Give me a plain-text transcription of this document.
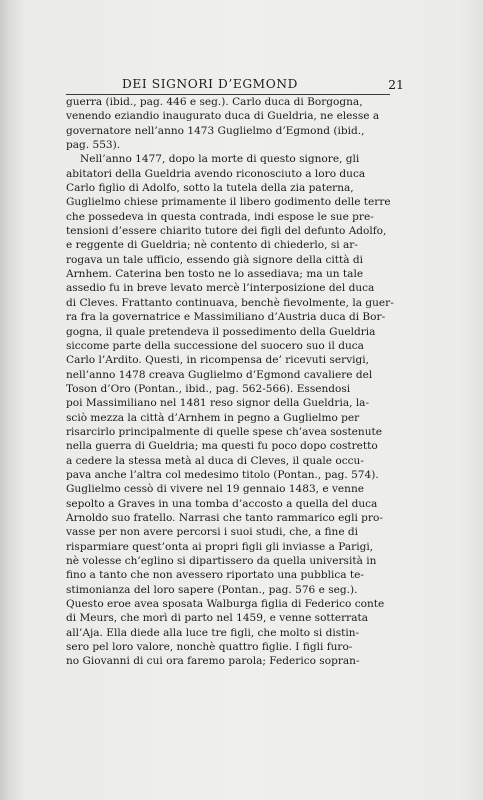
DEI SIGNORI D’EGMOND	21
guerra (ibid., pag. 446 e seg.). Carlo duca di Borgogna,
venendo eziandio inaugurato duca di Gueldria, ne elesse a
governatore nell’anno 1473 Guglielmo d’Egmond (ibid.,
pag. 553).
Nell’anno 1477, dopo la morte di questo signore, gli
abitatori della Gueldria avendo riconosciuto a loro duca
Carlo figlio di Adolfo, sotto la tutela della zia paterna,
Guglielmo chiese primamente il libero godimento delle terre
che possedeva in questa contrada, indi espose le sue pre-
tensioni d’essere chiarito tutore dei figli del defunto Adolfo,
e reggente di Gueldria; nè contento di chiederlo, si ar-
rogava un tale ufficio, essendo già signore della città di
Arnhem. Caterina ben tosto ne lo assediava; ma un tale
assedio fu in breve levato mercè l’interposizione del duca
di Cleves. Frattanto continuava, benchè fievolmente, la guer-
ra fra la governatrice e Massimiliano d’Austria duca di Bor-
gogna, il quale pretendeva il possedimento della Gueldria
siccome parte della successione del suocero suo il duca
Carlo l’Ardito. Questi, in ricompensa de’ ricevuti servigi,
nell’anno 1478 creava Guglielmo d’Egmond cavaliere del
Toson d’Oro (Pontan., ibid., pag. 562-566). Essendosi
poi Massimiliano nel 1481 reso signor della Gueldria, la-
sciò mezza la città d’Arnhem in pegno a Guglielmo per
risarcirlo principalmente di quelle spese ch’avea sostenute
nella guerra di Gueldria; ma questi fu poco dopo costretto
a cedere la stessa metà al duca di Cleves, il quale occu-
pava anche l’altra col medesimo titolo (Pontan., pag. 574).
Guglielmo cessò di vivere nel 19 gennaio 1483, e venne
sepolto a Graves in una tomba d’accosto a quella del duca
Arnoldo suo fratello. Narrasi che tanto rammarico egli pro-
vasse per non avere percorsi i suoi studi, che, a fine di
risparmiare quest’onta ai propri figli gli inviasse a Parigi,
nè volesse ch’eglino si dipartissero da quella università in
fino a tanto che non avessero riportato una pubblica te-
stimonianza del loro sapere (Pontan., pag. 576 e seg.).
Questo eroe avea sposata Walburga figlia di Federico conte
di Meurs, che morì di parto nel 1459, e venne sotterrata
all’Aja. Ella diede alla luce tre figli, che molto si distin-
sero pel loro valore, nonchè quattro figlie. I figli furo-
no Giovanni di cui ora faremo parola; Federico sopran-
